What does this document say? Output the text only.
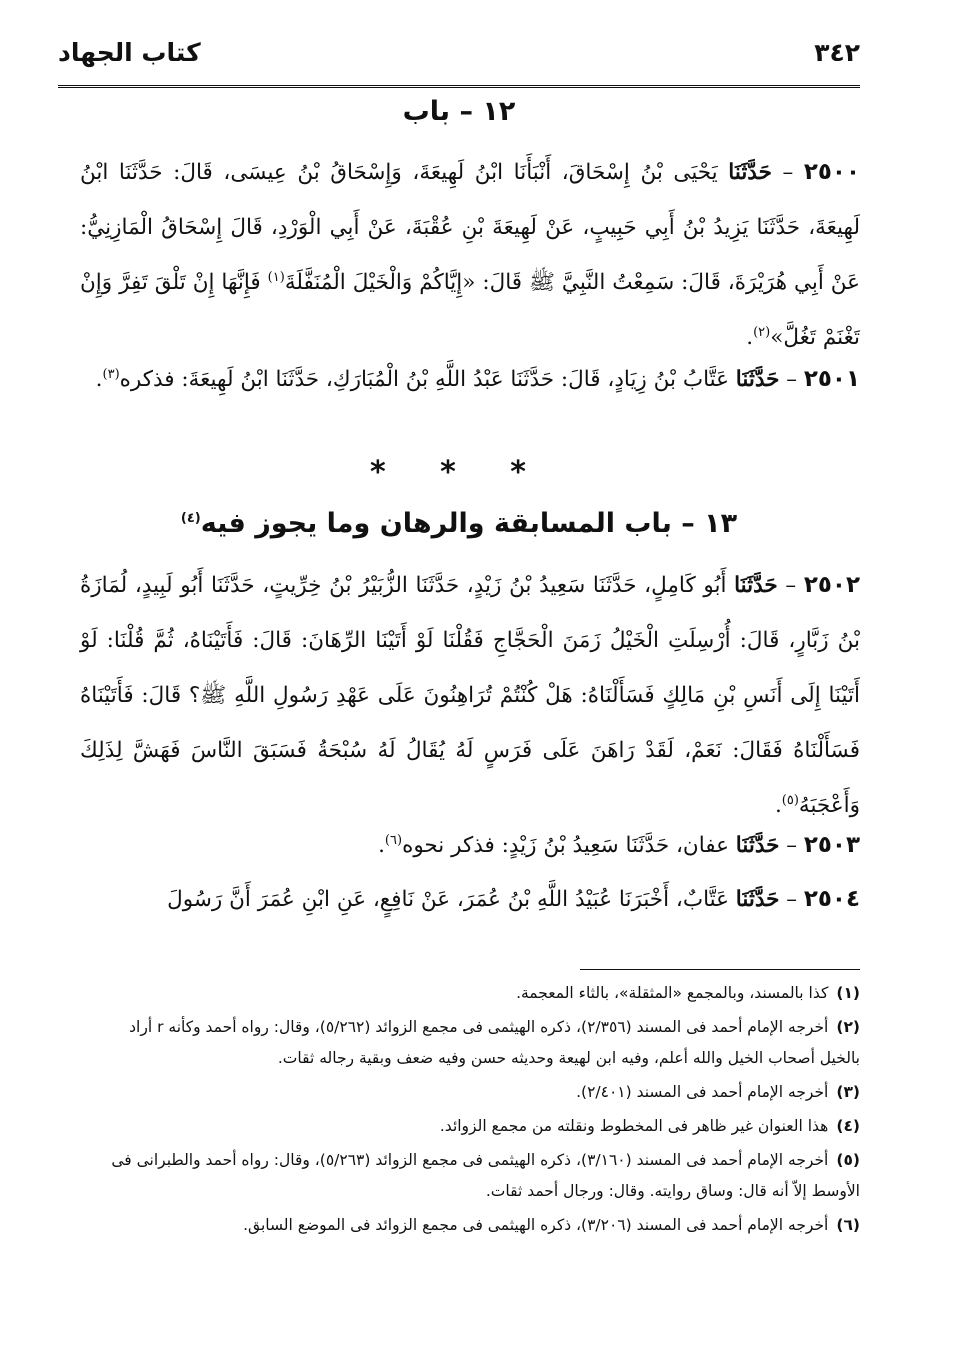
٣٤٢
كتاب الجهاد
١٢ – باب
٢٥٠٠ – حَدَّثَنَا يَحْيَى بْنُ إِسْحَاقَ، أَنْبَأَنَا ابْنُ لَهِيعَةَ، وَإِسْحَاقُ بْنُ عِيسَى، قَالَ: حَدَّثَنَا ابْنُ لَهِيعَةَ، حَدَّثَنَا يَزِيدُ بْنُ أَبِي حَبِيبٍ، عَنْ لَهِيعَةَ بْنِ عُقْبَةَ، عَنْ أَبِي الْوَرْدِ، قَالَ إِسْحَاقُ الْمَازِنِيُّ: عَنْ أَبِي هُرَيْرَةَ، قَالَ: سَمِعْتُ النَّبِيَّ ﷺ قَالَ: «إِيَّاكُمْ وَالْخَيْلَ الْمُنَفَّلَةَ$^{(١)}$ فَإِنَّهَا إِنْ تَلْقَ تَفِرَّ وَإِنْ تَغْنَمْ تَغُلَّ»$^{(٢)}$.
٢٥٠١ – حَدَّثَنَا عَتَّابُ بْنُ زِيَادٍ، قَالَ: حَدَّثَنَا عَبْدُ اللَّهِ بْنُ الْمُبَارَكِ، حَدَّثَنَا ابْنُ لَهِيعَةَ: فذكره$^{(٣)}$.
* * *
١٣ – باب المسابقة والرهان وما يجوز فيه$^{(٤)}$
٢٥٠٢ – حَدَّثَنَا أَبُو كَامِلٍ، حَدَّثَنَا سَعِيدُ بْنُ زَيْدٍ، حَدَّثَنَا الزُّبَيْرُ بْنُ خِرِّيتٍ، حَدَّثَنَا أَبُو لَبِيدٍ، لُمَازَةُ بْنُ زَبَّارٍ، قَالَ: أُرْسِلَتِ الْخَيْلُ زَمَنَ الْحَجَّاجِ فَقُلْنَا لَوْ أَتَيْنَا الرِّهَانَ: قَالَ: فَأَتَيْنَاهُ، ثُمَّ قُلْنَا: لَوْ أَتَيْنَا إِلَى أَنَسِ بْنِ مَالِكٍ فَسَأَلْنَاهُ: هَلْ كُنْتُمْ تُرَاهِنُونَ عَلَى عَهْدِ رَسُولِ اللَّهِ ﷺ؟ قَالَ: فَأَتَيْنَاهُ فَسَأَلْنَاهُ فَقَالَ: نَعَمْ، لَقَدْ رَاهَنَ عَلَى فَرَسٍ لَهُ يُقَالُ لَهُ سُبْحَةُ فَسَبَقَ النَّاسَ فَهَشَّ لِذَلِكَ وَأَعْجَبَهُ$^{(٥)}$.
٢٥٠٣ – حَدَّثَنَا عفان، حَدَّثَنَا سَعِيدُ بْنُ زَيْدٍ: فذكر نحوه$^{(٦)}$.
٢٥٠٤ – حَدَّثَنَا عَتَّابٌ، أَخْبَرَنَا عُبَيْدُ اللَّهِ بْنُ عُمَرَ، عَنْ نَافِعٍ، عَنِ ابْنِ عُمَرَ أَنَّ رَسُولَ

(١)كذا بالمسند، وبالمجمع «المثقلة»، بالثاء المعجمة.

(٢)أخرجه الإمام أحمد فى المسند (٢/٣٥٦)، ذكره الهيثمى فى مجمع الزوائد (٥/٢٦٢)، وقال: رواه أحمد وكأنه r أراد بالخيل أصحاب الخيل والله أعلم، وفيه ابن لهيعة وحديثه حسن وفيه ضعف وبقية رجاله ثقات.

(٣)أخرجه الإمام أحمد فى المسند (٢/٤٠١).

(٤)هذا العنوان غير ظاهر فى المخطوط ونقلته من مجمع الزوائد.

(٥)أخرجه الإمام أحمد فى المسند (٣/١٦٠)، ذكره الهيثمى فى مجمع الزوائد (٥/٢٦٣)، وقال: رواه أحمد والطبرانى فى الأوسط إلاّ أنه قال: وساق روايته. وقال: ورجال أحمد ثقات.

(٦)أخرجه الإمام أحمد فى المسند (٣/٢٠٦)، ذكره الهيثمى فى مجمع الزوائد فى الموضع السابق.
